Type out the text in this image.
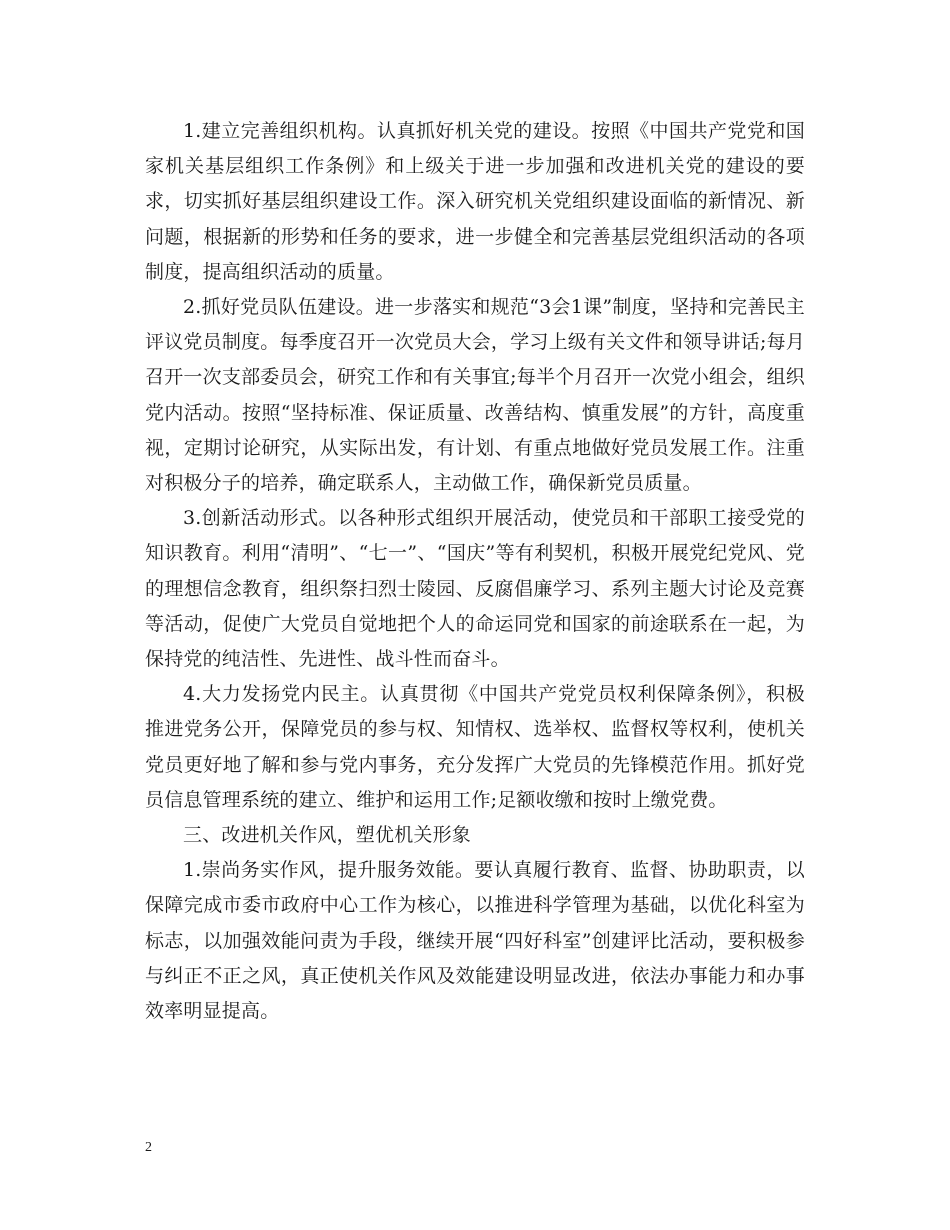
1.建立完善组织机构。认真抓好机关党的建设。按照《中国共产党党和国家机关基层组织工作条例》和上级关于进一步加强和改进机关党的建设的要求，切实抓好基层组织建设工作。深入研究机关党组织建设面临的新情况、新问题，根据新的形势和任务的要求，进一步健全和完善基层党组织活动的各项制度，提高组织活动的质量。

2.抓好党员队伍建设。进一步落实和规范“3会1课”制度，坚持和完善民主评议党员制度。每季度召开一次党员大会，学习上级有关文件和领导讲话;每月召开一次支部委员会，研究工作和有关事宜;每半个月召开一次党小组会，组织党内活动。按照“坚持标准、保证质量、改善结构、慎重发展”的方针，高度重视，定期讨论研究，从实际出发，有计划、有重点地做好党员发展工作。注重对积极分子的培养，确定联系人，主动做工作，确保新党员质量。

3.创新活动形式。以各种形式组织开展活动，使党员和干部职工接受党的知识教育。利用“清明”、“七一”、“国庆”等有利契机，积极开展党纪党风、党的理想信念教育，组织祭扫烈士陵园、反腐倡廉学习、系列主题大讨论及竞赛等活动，促使广大党员自觉地把个人的命运同党和国家的前途联系在一起，为保持党的纯洁性、先进性、战斗性而奋斗。

4.大力发扬党内民主。认真贯彻《中国共产党党员权利保障条例》，积极推进党务公开，保障党员的参与权、知情权、选举权、监督权等权利，使机关党员更好地了解和参与党内事务，充分发挥广大党员的先锋模范作用。抓好党员信息管理系统的建立、维护和运用工作;足额收缴和按时上缴党费。

三、改进机关作风，塑优机关形象

1.崇尚务实作风，提升服务效能。要认真履行教育、监督、协助职责，以保障完成市委市政府中心工作为核心，以推进科学管理为基础，以优化科室为标志，以加强效能问责为手段，继续开展“四好科室”创建评比活动，要积极参与纠正不正之风，真正使机关作风及效能建设明显改进，依法办事能力和办事效率明显提高。

2
